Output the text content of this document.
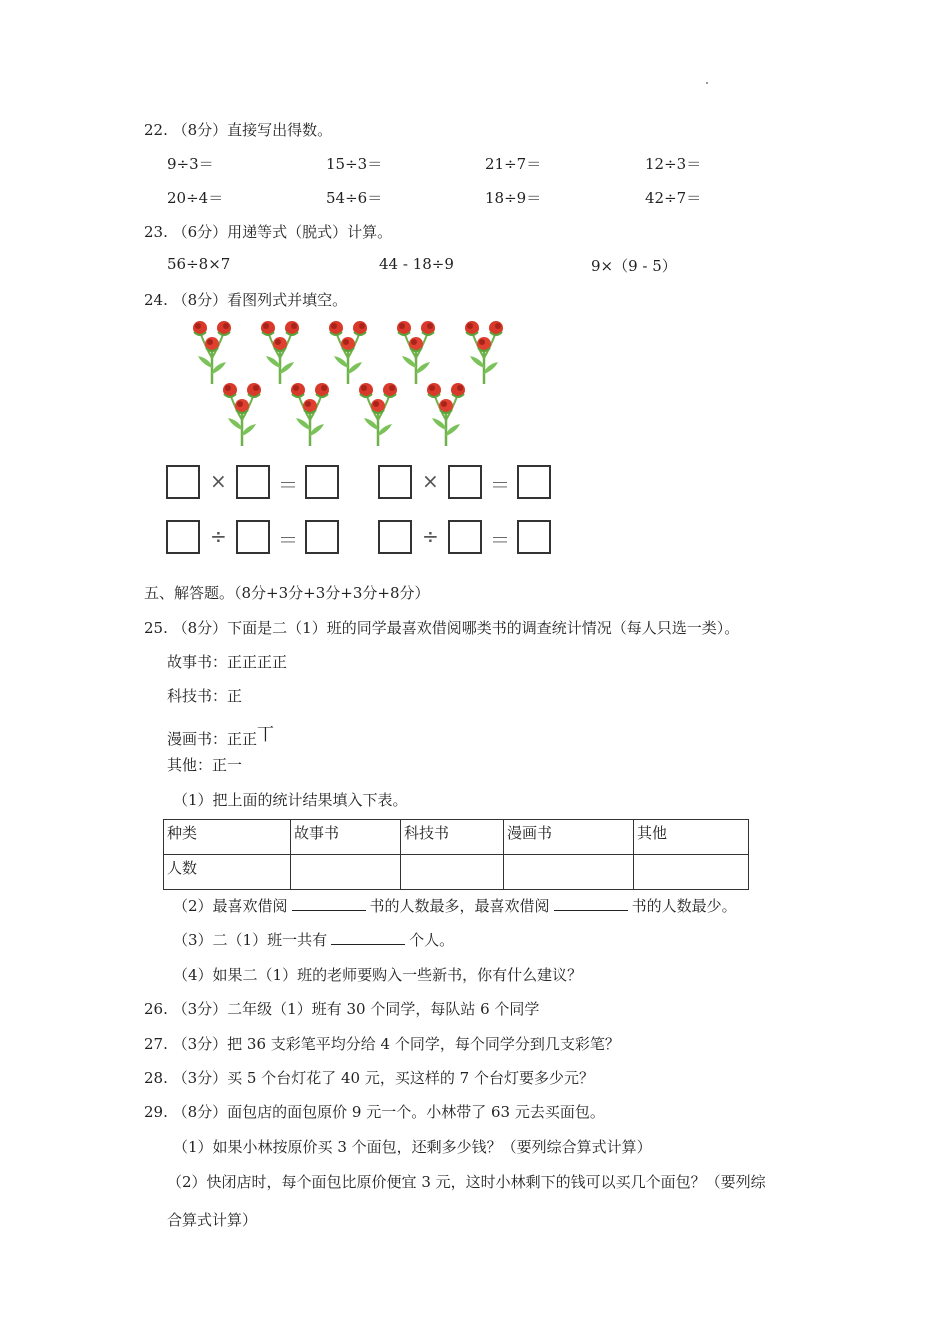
22. （8分）直接写出得数。
9÷3＝	15÷3＝	21÷7＝	12÷3＝
20÷4＝	54÷6＝	18÷9＝	42÷7＝
23. （6分）用递等式（脱式）计算。
56÷8×7	44 - 18÷9	9×（9 - 5）
24. （8分）看图列式并填空。
×	＝	×	＝
÷	＝	÷	＝
五、解答题。（8分+3分+3分+3分+8分）
25. （8分）下面是二（1）班的同学最喜欢借阅哪类书的调查统计情况（每人只选一类）。
故事书：正正正正
科技书：正
漫画书：正正丅
其他：正一
（1）把上面的统计结果填入下表。
种类	故事书	科技书	漫画书	其他
人数				
（2）最喜欢借阅	书的人数最多，最喜欢借阅	书的人数最少。
（3）二（1）班一共有	个人。
（4）如果二（1）班的老师要购入一些新书，你有什么建议？
26. （3分）二年级（1）班有 30 个同学，每队站 6 个同学
27. （3分）把 36 支彩笔平均分给 4 个同学，每个同学分到几支彩笔？
28. （3分）买 5 个台灯花了 40 元，买这样的 7 个台灯要多少元？
29. （8分）面包店的面包原价 9 元一个。小林带了 63 元去买面包。
（1）如果小林按原价买 3 个面包，还剩多少钱？（要列综合算式计算）
（2）快闭店时，每个面包比原价便宜 3 元，这时小林剩下的钱可以买几个面包？（要列综
合算式计算）
